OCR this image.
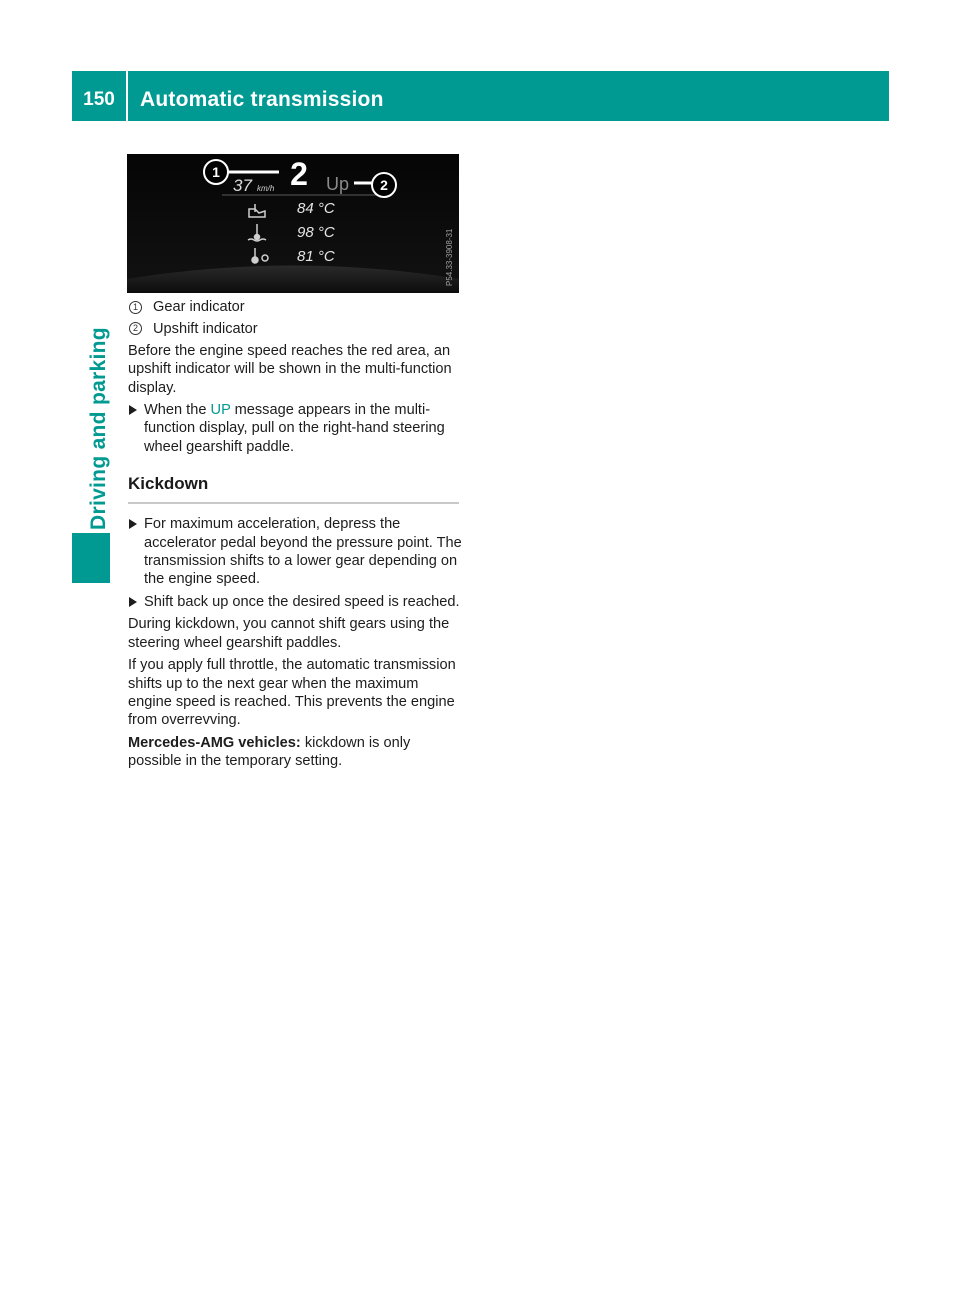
150	Automatic transmission
Driving and parking
1 2
37 km/h	Up 2
84 °C
98 °C
81 °C	P54.33-3908-31
1 Gear indicator
2 Upshift indicator

Before the engine speed reaches the red area, an upshift indicator will be shown in the multi-function display.

When the UP message appears in the multi-function display, pull on the right-hand steering wheel gearshift paddle.
Kickdown
For maximum acceleration, depress the accelerator pedal beyond the pressure point. The transmission shifts to a lower gear depending on the engine speed.
Shift back up once the desired speed is reached.

During kickdown, you cannot shift gears using the steering wheel gearshift paddles.

If you apply full throttle, the automatic transmission shifts up to the next gear when the maximum engine speed is reached. This prevents the engine from overrevving.

Mercedes-AMG vehicles: kickdown is only possible in the temporary setting.
